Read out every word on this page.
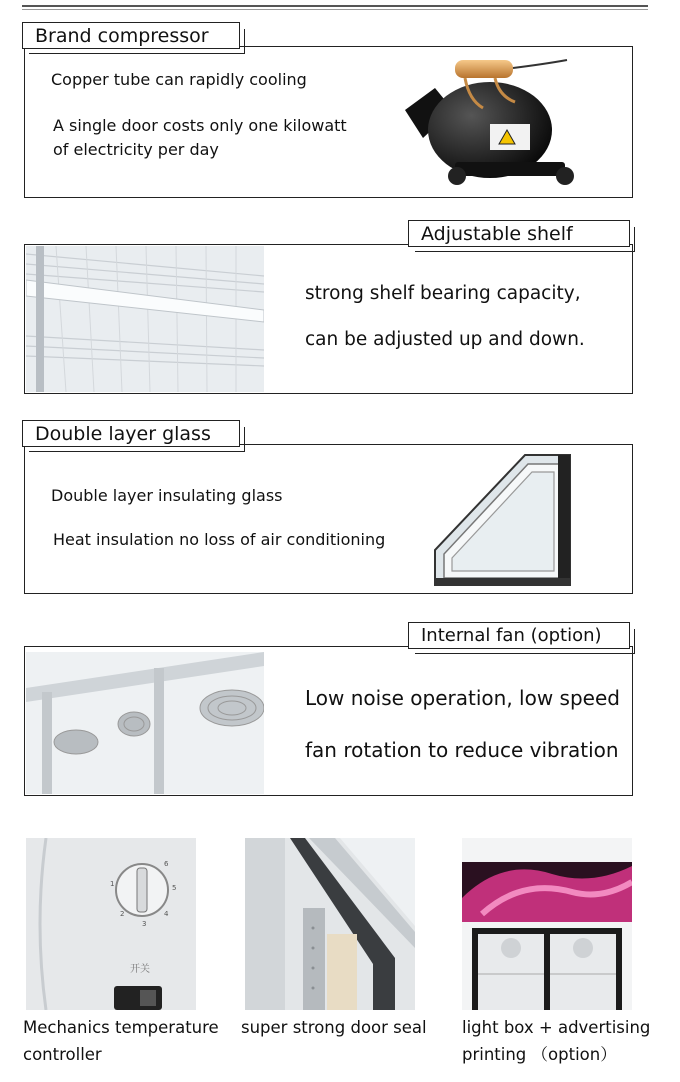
Brand compressor
Copper tube can rapidly cooling
A single door costs only one kilowatt
of electricity per day
Adjustable shelf
strong shelf bearing capacity,
can be adjusted up and down.
Double layer glass
Double layer insulating glass
Heat insulation no loss of air conditioning
Internal fan (option)
Low noise operation, low speed
fan rotation to reduce vibration
1
2
3
4
5
6
开关
Mechanics temperature
controller
super strong door seal	light box + advertising
printing （option）
